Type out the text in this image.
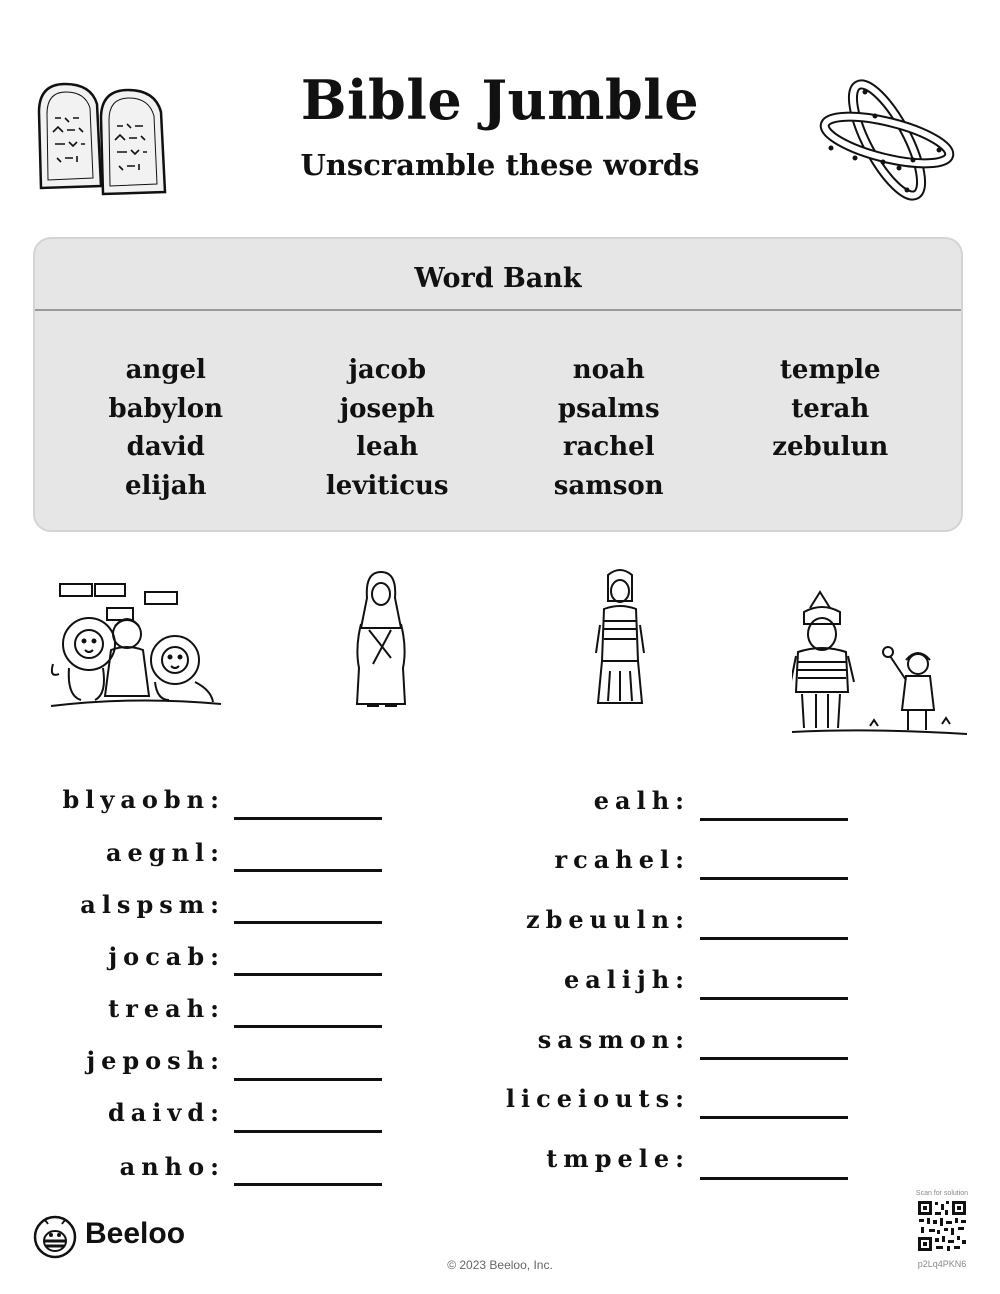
Bible Jumble
Unscramble these words
Word Bank
angel
babylon
david
elijah
jacob
joseph
leah
leviticus
noah
psalms
rachel
samson
temple
terah
zebulun
blyaobn:
aegnl:
alspsm:
jocab:
treah:
jeposh:
daivd:
anho:
ealh:
rcahel:
zbeuuln:
ealijh:
sasmon:
liceiouts:
tmpele:
Beeloo
© 2023 Beeloo, Inc.
Scan for solution
p2Lq4PKN6
